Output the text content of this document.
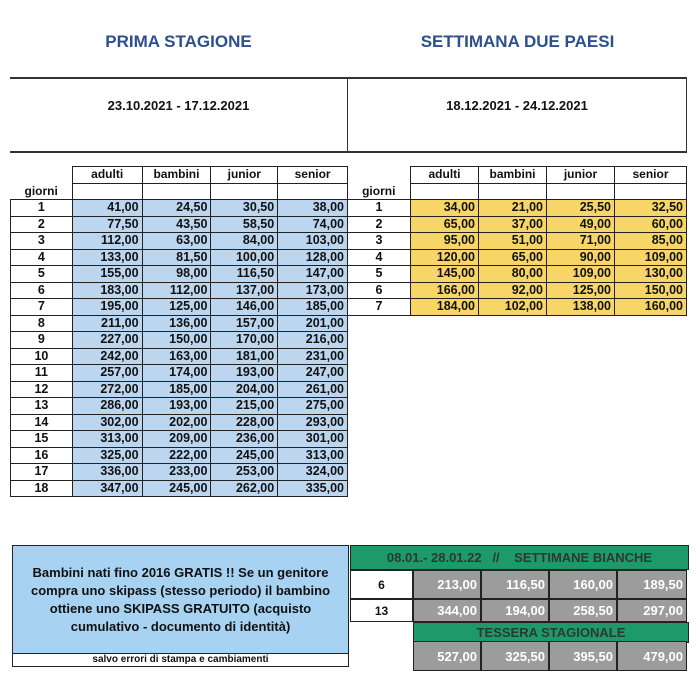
PRIMA STAGIONE	SETTIMANA DUE PAESI
23.10.2021 - 17.12.2021	18.12.2021 - 24.12.2021
	adulti	bambini	junior	senior
giorni				
1	41,00	24,50	30,50	38,00
2	77,50	43,50	58,50	74,00
3	112,00	63,00	84,00	103,00
4	133,00	81,50	100,00	128,00
5	155,00	98,00	116,50	147,00
6	183,00	112,00	137,00	173,00
7	195,00	125,00	146,00	185,00
8	211,00	136,00	157,00	201,00
9	227,00	150,00	170,00	216,00
10	242,00	163,00	181,00	231,00
11	257,00	174,00	193,00	247,00
12	272,00	185,00	204,00	261,00
13	286,00	193,00	215,00	275,00
14	302,00	202,00	228,00	293,00
15	313,00	209,00	236,00	301,00
16	325,00	222,00	245,00	313,00
17	336,00	233,00	253,00	324,00
18	347,00	245,00	262,00	335,00
	adulti	bambini	junior	senior
giorni				
1	34,00	21,00	25,50	32,50
2	65,00	37,00	49,00	60,00
3	95,00	51,00	71,00	85,00
4	120,00	65,00	90,00	109,00
5	145,00	80,00	109,00	130,00
6	166,00	92,00	125,00	150,00
7	184,00	102,00	138,00	160,00
Bambini nati fino 2016 GRATIS !! Se un genitore compra uno skipass (stesso periodo) il bambino ottiene uno SKIPASS GRATUITO (acquisto cumulativo - documento di identità)
salvo errori di stampa e cambiamenti
08.01.- 28.01.22   //    SETTIMANE BIANCHE
6	213,00	116,50	160,00	189,50
13	344,00	194,00	258,50	297,00
TESSERA STAGIONALE
527,00	325,50	395,50	479,00
